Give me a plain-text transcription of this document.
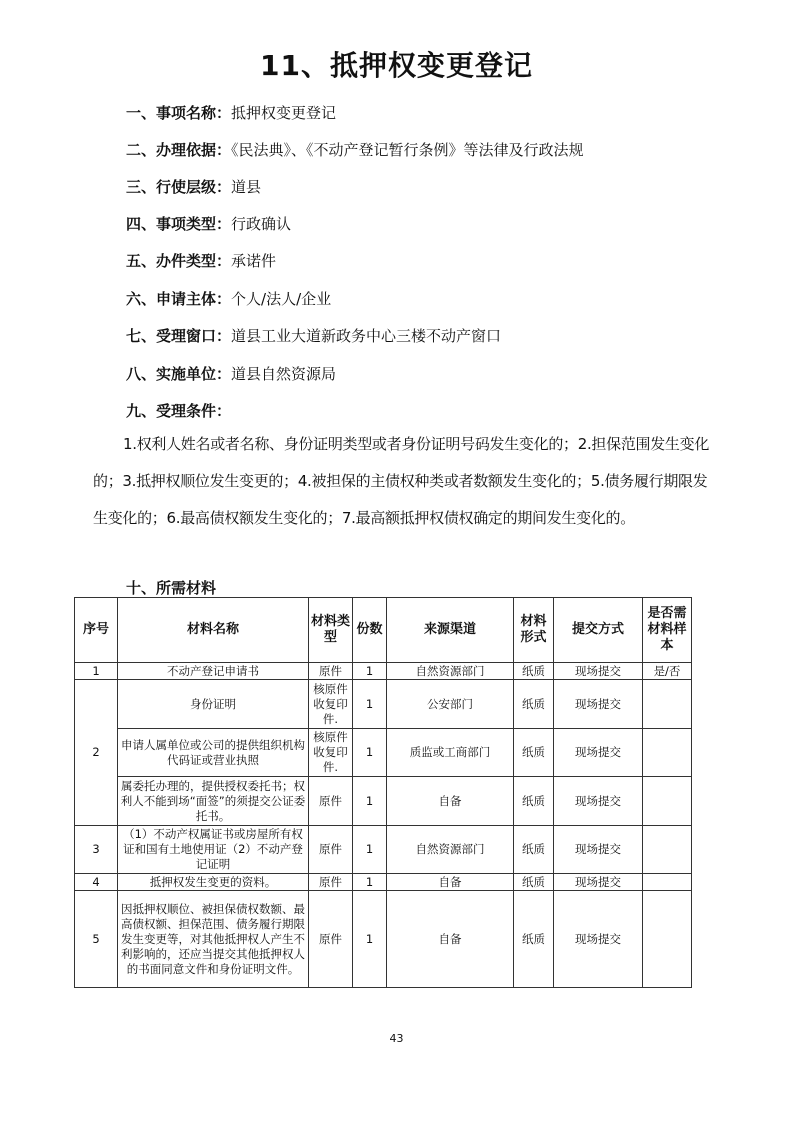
11、抵押权变更登记
一、事项名称：抵押权变更登记
二、办理依据：《民法典》、《不动产登记暂行条例》等法律及行政法规
三、行使层级：道县
四、事项类型：行政确认
五、办件类型：承诺件
六、申请主体：个人/法人/企业
七、受理窗口：道县工业大道新政务中心三楼不动产窗口
八、实施单位：道县自然资源局
九、受理条件：
1.权利人姓名或者名称、身份证明类型或者身份证明号码发生变化的；2.担保范围发生变化的；3.抵押权顺位发生变更的；4.被担保的主债权种类或者数额发生变化的；5.债务履行期限发生变化的；6.最高债权额发生变化的；7.最高额抵押权债权确定的期间发生变化的。
十、所需材料
序号	材料名称	材料类型	份数	来源渠道	材料形式	提交方式	是否需材料样本
1	不动产登记申请书	原件	1	自然资源部门	纸质	现场提交	是/否
2	身份证明	核原件收复印件.	1	公安部门	纸质	现场提交	
	申请人属单位或公司的提供组织机构代码证或营业执照	核原件收复印件.	1	质监或工商部门	纸质	现场提交	
	属委托办理的，提供授权委托书；权利人不能到场“面签”的须提交公证委托书。	原件	1	自备	纸质	现场提交	
3	（1）不动产权属证书或房屋所有权证和国有土地使用证（2）不动产登记证明	原件	1	自然资源部门	纸质	现场提交	
4	抵押权发生变更的资料。	原件	1	自备	纸质	现场提交	
5	因抵押权顺位、被担保债权数额、最高债权额、担保范围、债务履行期限发生变更等，对其他抵押权人产生不利影响的，还应当提交其他抵押权人的书面同意文件和身份证明文件。	原件	1	自备	纸质	现场提交	
43
